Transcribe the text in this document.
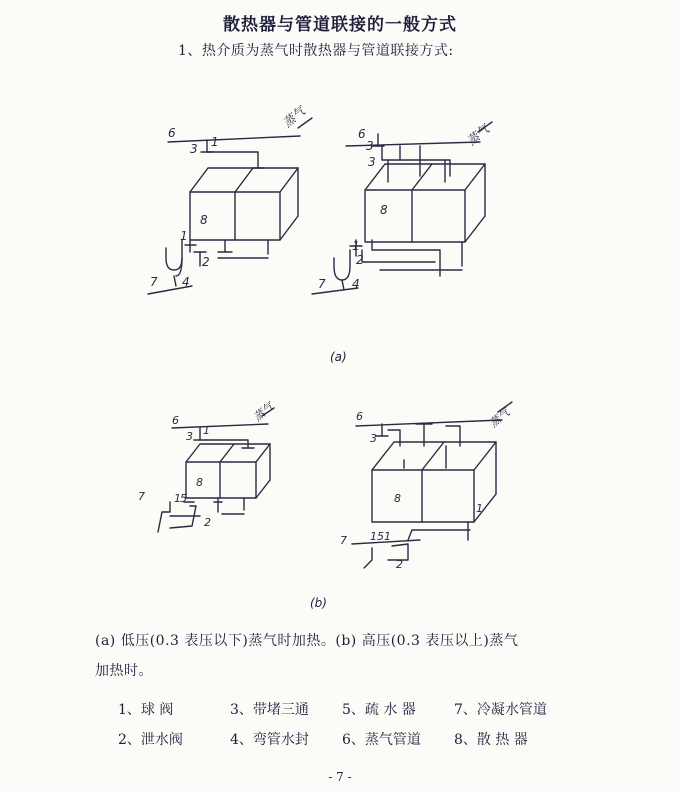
散热器与管道联接的一般方式
1、热介质为蒸气时散热器与管道联接方式:
6
3 1
8
1
2
7 4
蒸气
6
3
3
8
1
2
7 4
蒸气
6
3 1
8
7	1 5
2
蒸气	6
3
8
1
7 151
2
蒸气
(a)
(b)
(a) 低压(0.3 表压以下)蒸气时加热。(b) 高压(0.3 表压以上)蒸气
加热时。
1、球 阀	3、带堵三通	5、疏 水 器	7、冷凝水管道
2、泄水阀	4、弯管水封	6、蒸气管道	8、散 热 器
- 7 -
